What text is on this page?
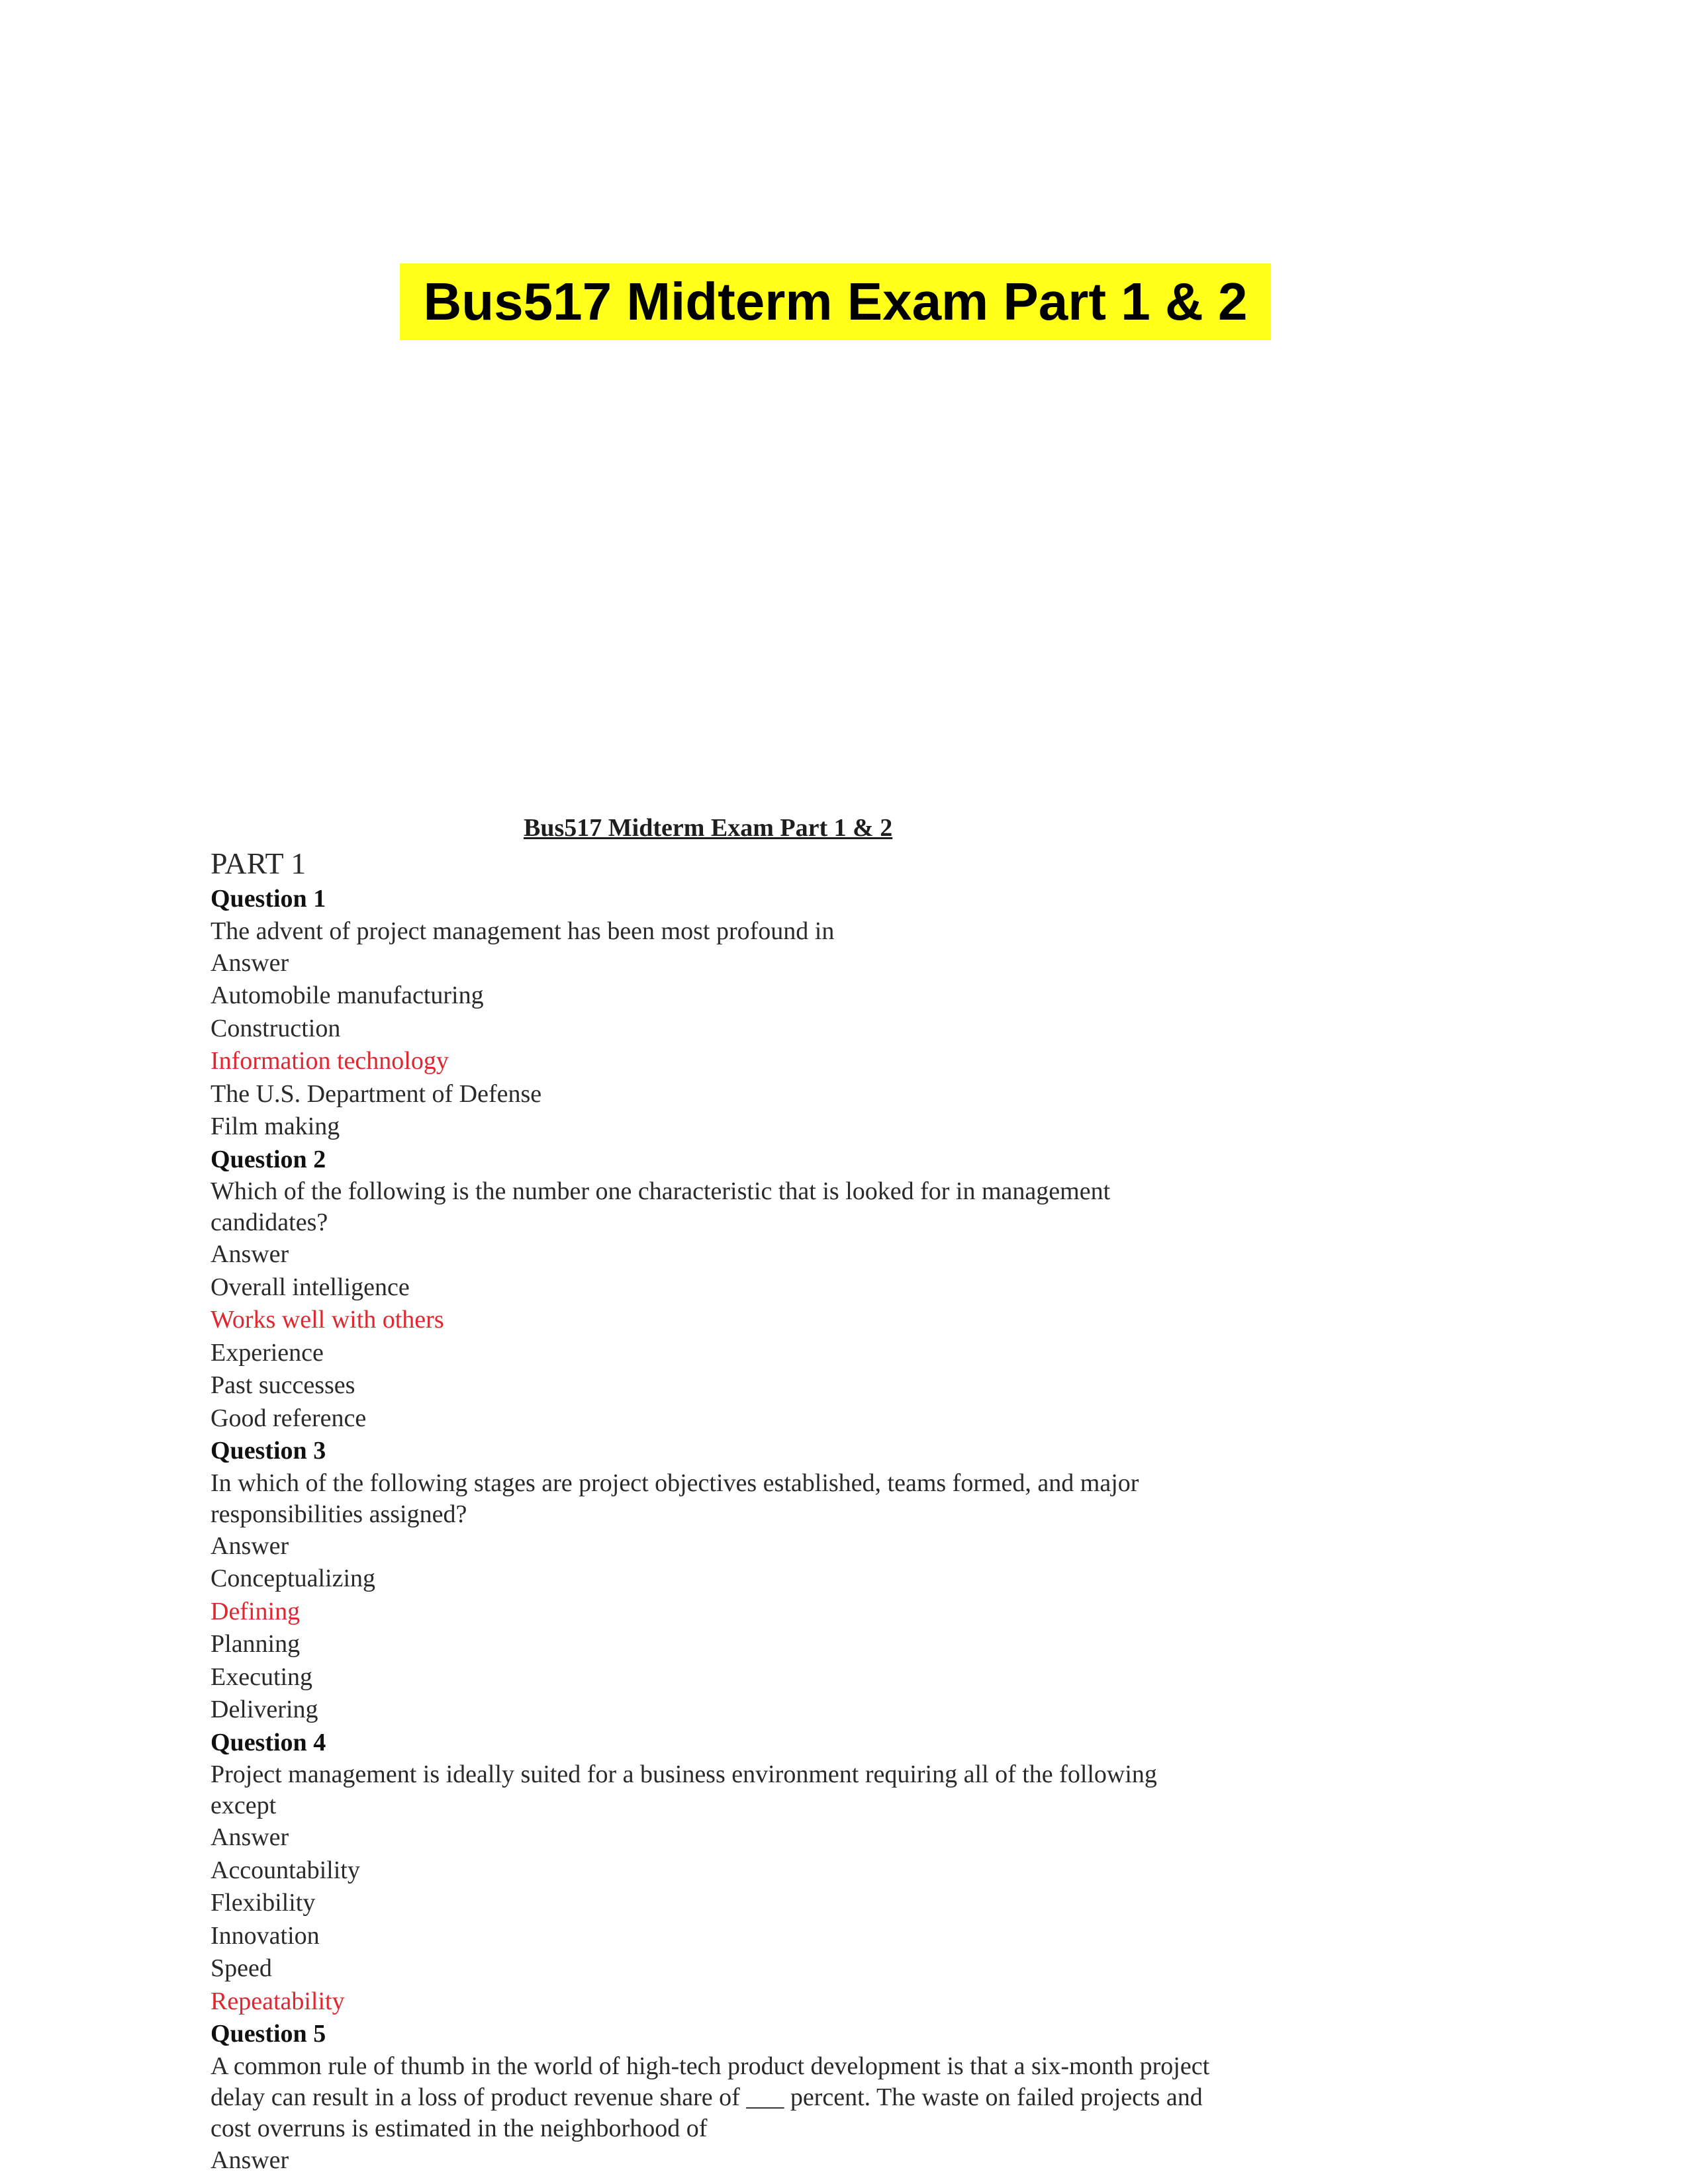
Bus517 Midterm Exam Part 1 & 2
Bus517 Midterm Exam Part 1 & 2
PART 1

Question 1

The advent of project management has been most profound in

Answer

Automobile manufacturing

Construction

Information technology

The U.S. Department of Defense

Film making

Question 2

Which of the following is the number one characteristic that is looked for in management candidates?

Answer

Overall intelligence

Works well with others

Experience

Past successes

Good reference

Question 3

In which of the following stages are project objectives established, teams formed, and major responsibilities assigned?

Answer

Conceptualizing

Defining

Planning

Executing

Delivering

Question 4

Project management is ideally suited for a business environment requiring all of the following except

Answer

Accountability

Flexibility

Innovation

Speed

Repeatability

Question 5

A common rule of thumb in the world of high-tech product development is that a six-month project delay can result in a loss of product revenue share of ___ percent. The waste on failed projects and cost overruns is estimated in the neighborhood of

Answer
